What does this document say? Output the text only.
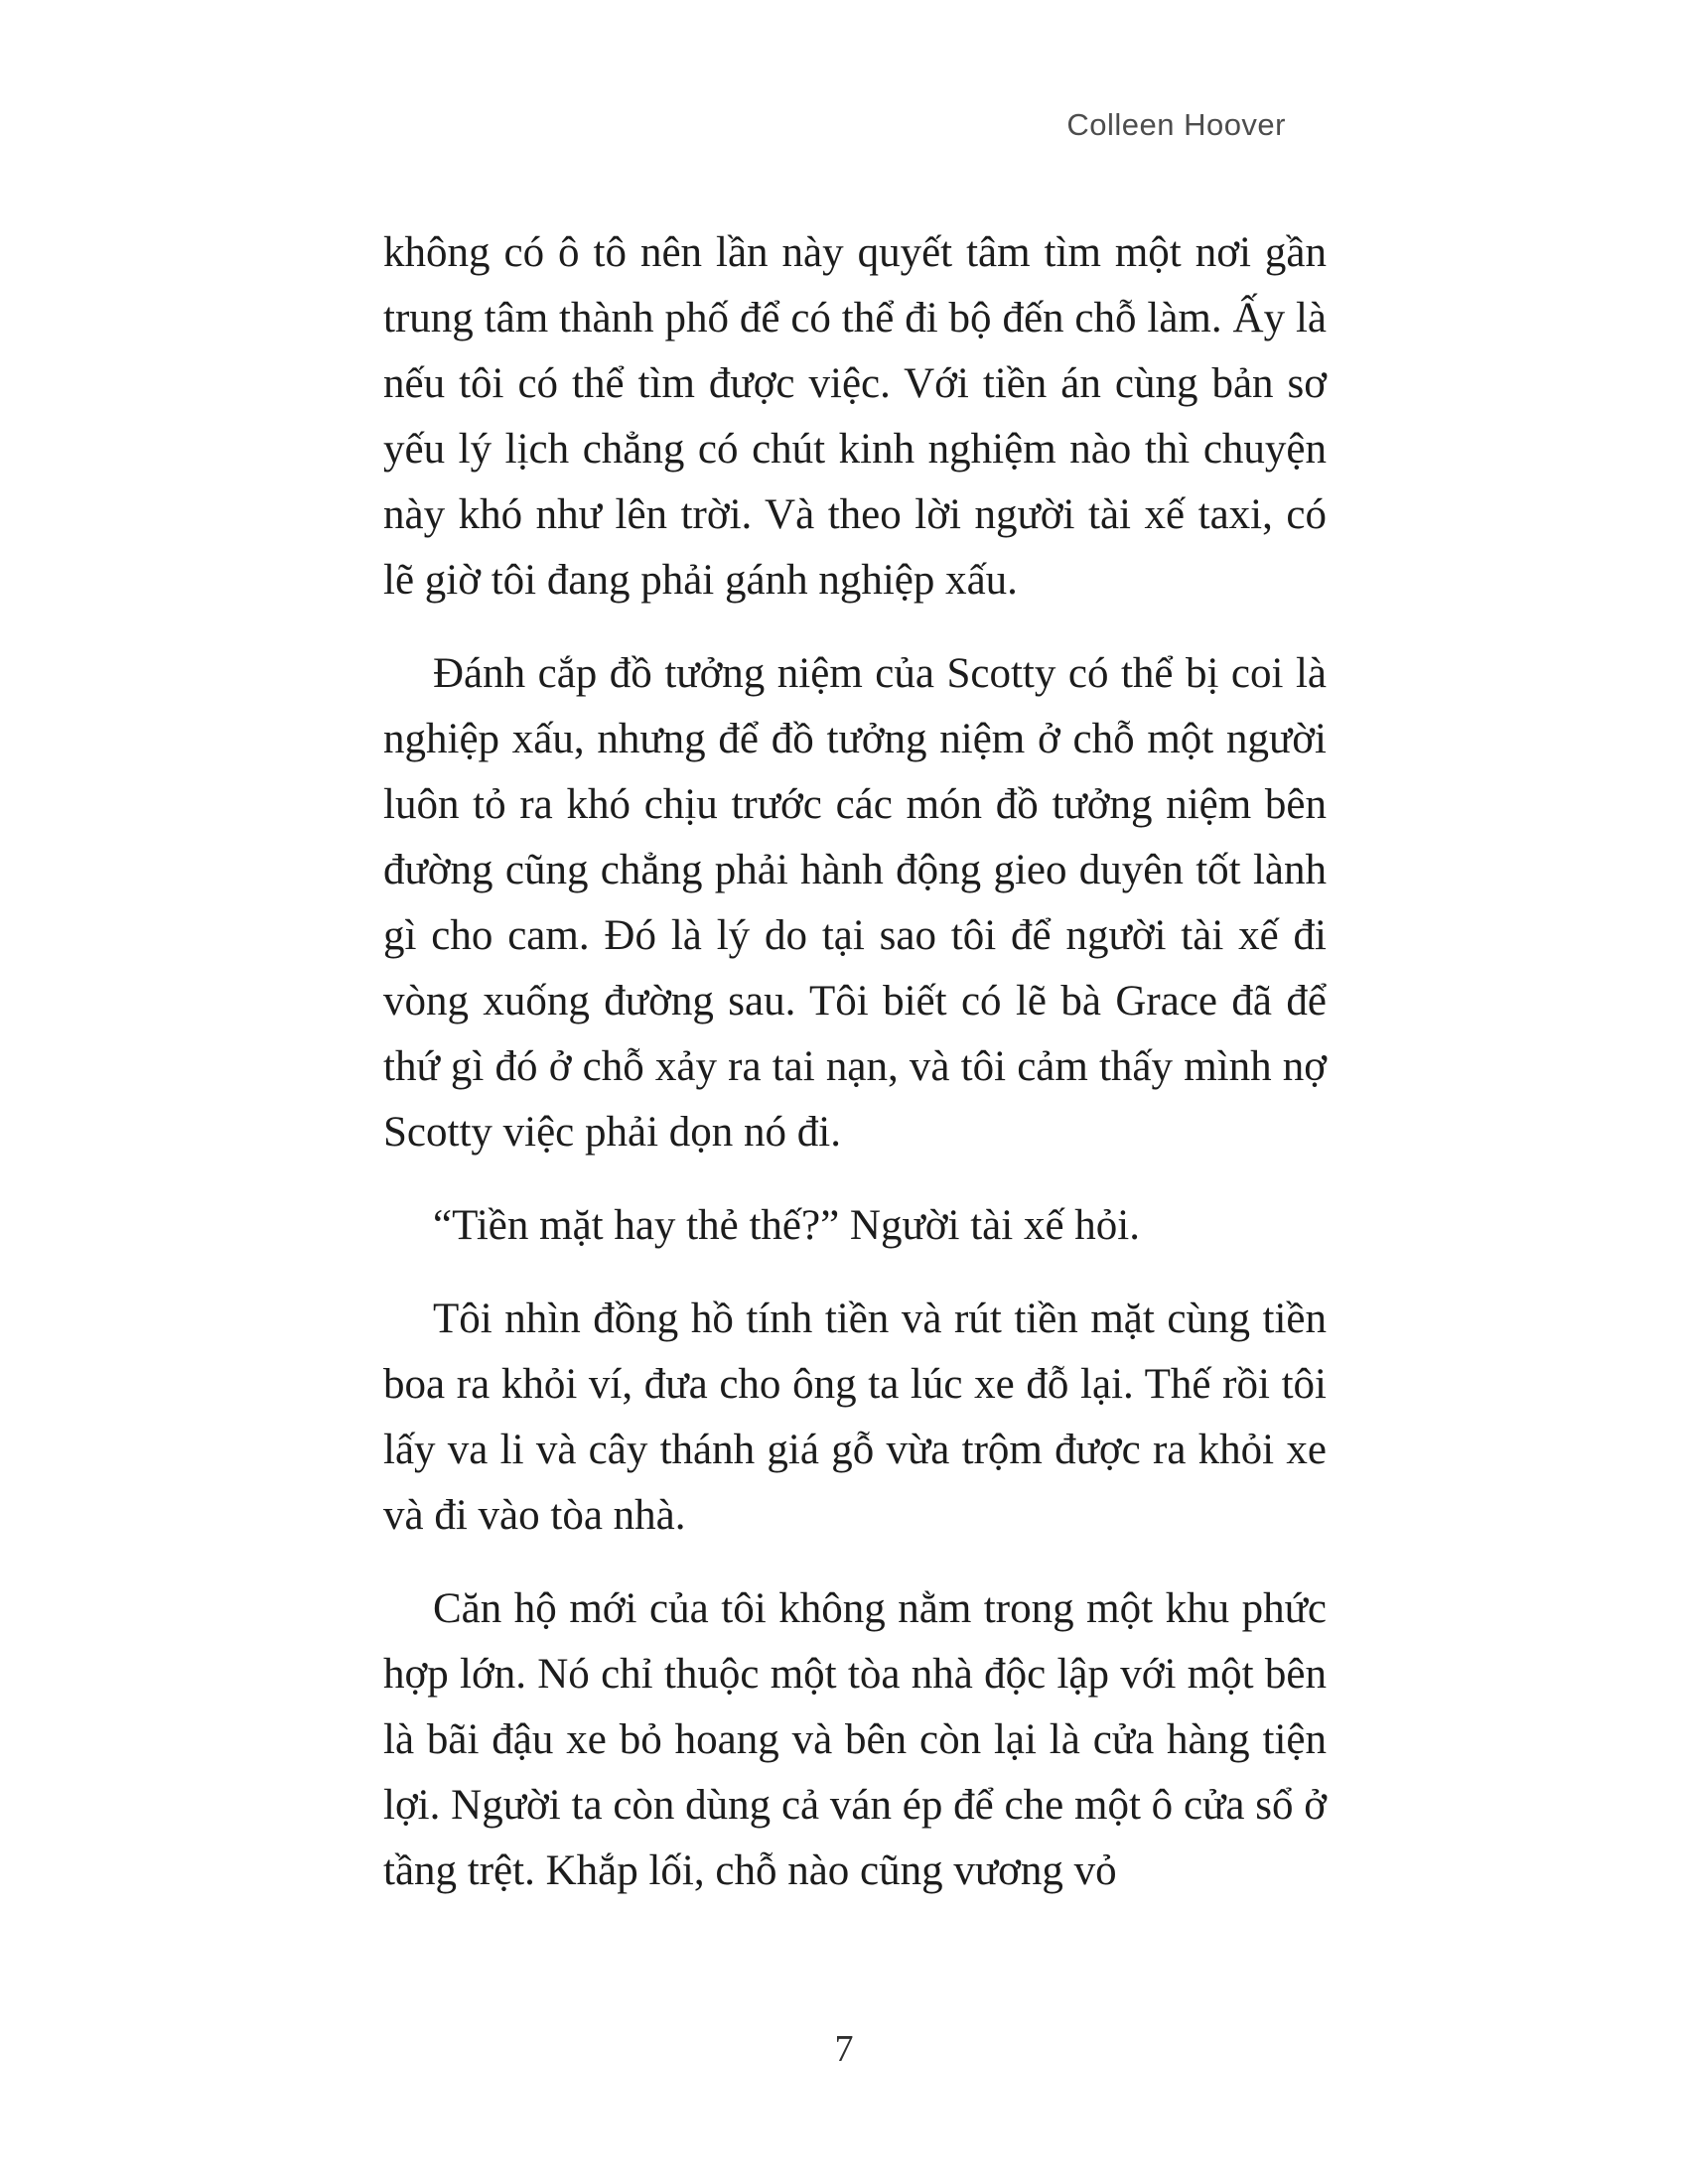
Colleen Hoover

không có ô tô nên lần này quyết tâm tìm một nơi gần trung tâm thành phố để có thể đi bộ đến chỗ làm. Ấy là nếu tôi có thể tìm được việc. Với tiền án cùng bản sơ yếu lý lịch chẳng có chút kinh nghiệm nào thì chuyện này khó như lên trời. Và theo lời người tài xế taxi, có lẽ giờ tôi đang phải gánh nghiệp xấu.

Đánh cắp đồ tưởng niệm của Scotty có thể bị coi là nghiệp xấu, nhưng để đồ tưởng niệm ở chỗ một người luôn tỏ ra khó chịu trước các món đồ tưởng niệm bên đường cũng chẳng phải hành động gieo duyên tốt lành gì cho cam. Đó là lý do tại sao tôi để người tài xế đi vòng xuống đường sau. Tôi biết có lẽ bà Grace đã để thứ gì đó ở chỗ xảy ra tai nạn, và tôi cảm thấy mình nợ Scotty việc phải dọn nó đi.

“Tiền mặt hay thẻ thế?” Người tài xế hỏi.

Tôi nhìn đồng hồ tính tiền và rút tiền mặt cùng tiền boa ra khỏi ví, đưa cho ông ta lúc xe đỗ lại. Thế rồi tôi lấy va li và cây thánh giá gỗ vừa trộm được ra khỏi xe và đi vào tòa nhà.

Căn hộ mới của tôi không nằm trong một khu phức hợp lớn. Nó chỉ thuộc một tòa nhà độc lập với một bên là bãi đậu xe bỏ hoang và bên còn lại là cửa hàng tiện lợi. Người ta còn dùng cả ván ép để che một ô cửa sổ ở tầng trệt. Khắp lối, chỗ nào cũng vương vỏ

7
